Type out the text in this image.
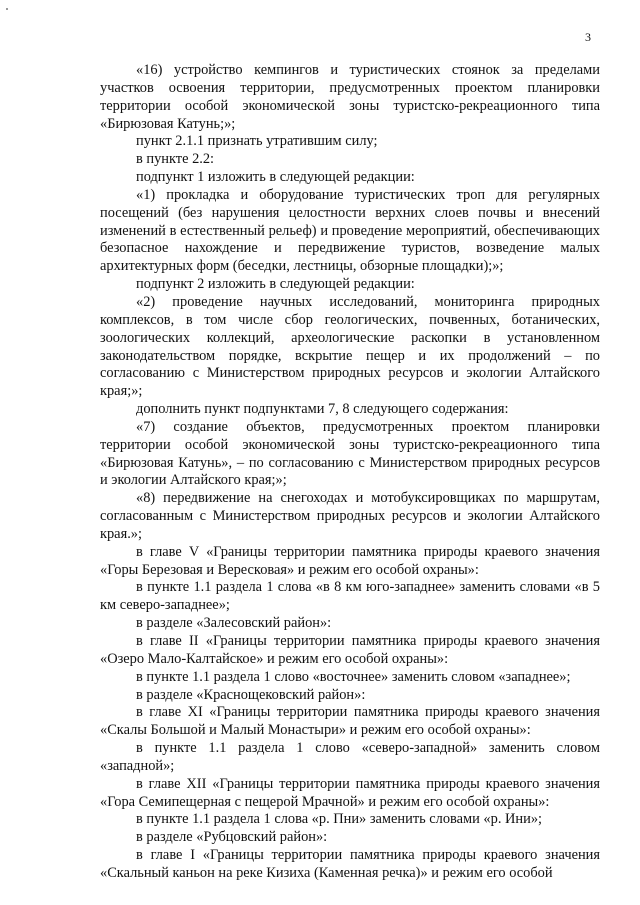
3

«16) устройство кемпингов и туристических стоянок за пределами участков освоения территории, предусмотренных проектом планировки территории особой экономической зоны туристско-рекреационного типа «Бирюзовая Катунь;»;

пункт 2.1.1 признать утратившим силу;

в пункте 2.2:

подпункт 1 изложить в следующей редакции:

«1) прокладка и оборудование туристических троп для регулярных посещений (без нарушения целостности верхних слоев почвы и внесений изменений в естественный рельеф) и проведение мероприятий, обеспечивающих безопасное нахождение и передвижение туристов, возведение малых архитектурных форм (беседки, лестницы, обзорные площадки);»;

подпункт 2 изложить в следующей редакции:

«2) проведение научных исследований, мониторинга природных комплексов, в том числе сбор геологических, почвенных, ботанических, зоологических коллекций, археологические раскопки в установленном законодательством порядке, вскрытие пещер и их продолжений – по согласованию с Министерством природных ресурсов и экологии Алтайского края;»;

дополнить пункт подпунктами 7, 8 следующего содержания:

«7) создание объектов, предусмотренных проектом планировки территории особой экономической зоны туристско-рекреационного типа «Бирюзовая Катунь», – по согласованию с Министерством природных ресурсов и экологии Алтайского края;»;

«8) передвижение на снегоходах и мотобуксировщиках по маршрутам, согласованным с Министерством природных ресурсов и экологии Алтайского края.»;

в главе V «Границы территории памятника природы краевого значения «Горы Березовая и Вересковая» и режим его особой охраны»:

в пункте 1.1 раздела 1 слова «в 8 км юго-западнее» заменить словами «в 5 км северо-западнее»;

в разделе «Залесовский район»:

в главе II «Границы территории памятника природы краевого значения «Озеро Мало-Калтайское» и режим его особой охраны»:

в пункте 1.1 раздела 1 слово «восточнее» заменить словом «западнее»;

в разделе «Краснощековский район»:

в главе XI «Границы территории памятника природы краевого значения «Скалы Большой и Малый Монастыри» и режим его особой охраны»:

в пункте 1.1 раздела 1 слово «северо-западной» заменить словом «западной»;

в главе XII «Границы территории памятника природы краевого значения «Гора Семипещерная с пещерой Мрачной» и режим его особой охраны»:

в пункте 1.1 раздела 1 слова «р. Пни» заменить словами «р. Ини»;

в разделе «Рубцовский район»:

в главе I «Границы территории памятника природы краевого значения «Скальный каньон на реке Кизиха (Каменная речка)» и режим его особой
